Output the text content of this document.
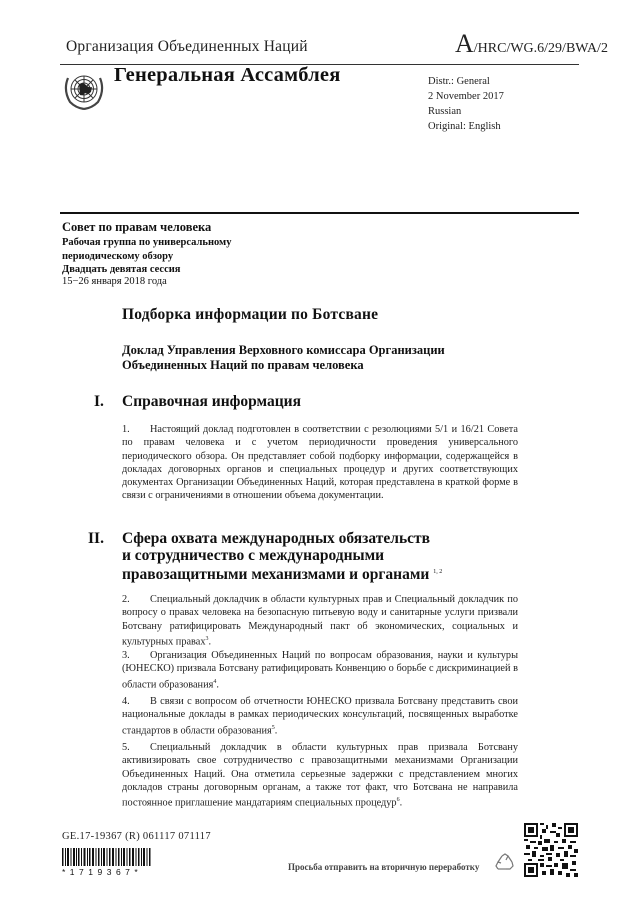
Организация Объединенных Наций	A/HRC/WG.6/29/BWA/2
Генеральная Ассамблея	Distr.: General
2 November 2017
Russian
Original: English
Совет по правам человека
Рабочая группа по универсальному
периодическому обзору
Двадцать девятая сессия
15−26 января 2018 года
Подборка информации по Ботсване
Доклад Управления Верховного комиссара Организации
Объединенных Наций по правам человека
I. Справочная информация
1. Настоящий доклад подготовлен в соответствии с резолюциями 5/1 и 16/21 Совета по правам человека и с учетом периодичности проведения универсального периодического обзора. Он представляет собой подборку информации, содержащейся в докладах договорных органов и специальных процедур и других соответствующих документах Организации Объединенных Наций, которая представлена в краткой форме в связи с ограничениями в отношении объема документации.
II. Сфера охвата международных обязательств
и сотрудничество с международными
правозащитными механизмами и органами $^{1, 2}$
2. Специальный докладчик в области культурных прав и Специальный докладчик по вопросу о правах человека на безопасную питьевую воду и санитарные услуги призвали Ботсвану ратифицировать Международный пакт об экономических, социальных и культурных правах$^3$.
3. Организация Объединенных Наций по вопросам образования, науки и культуры (ЮНЕСКО) призвала Ботсвану ратифицировать Конвенцию о борьбе с дискриминацией в области образования$^4$.
4. В связи с вопросом об отчетности ЮНЕСКО призвала Ботсвану представить свои национальные доклады в рамках периодических консультаций, посвященных выработке стандартов в области образования$^5$.
5. Специальный докладчик в области культурных прав призвала Ботсвану активизировать свое сотрудничество с правозащитными механизмами Организации Объединенных Наций. Она отметила серьезные задержки с представлением многих докладов страны договорным органам, а также тот факт, что Ботсвана не направила постоянное приглашение мандатариям специальных процедур$^6$.
GE.17-19367 (R) 061117 071117
*1719367*	Просьба отправить на вторичную переработку
